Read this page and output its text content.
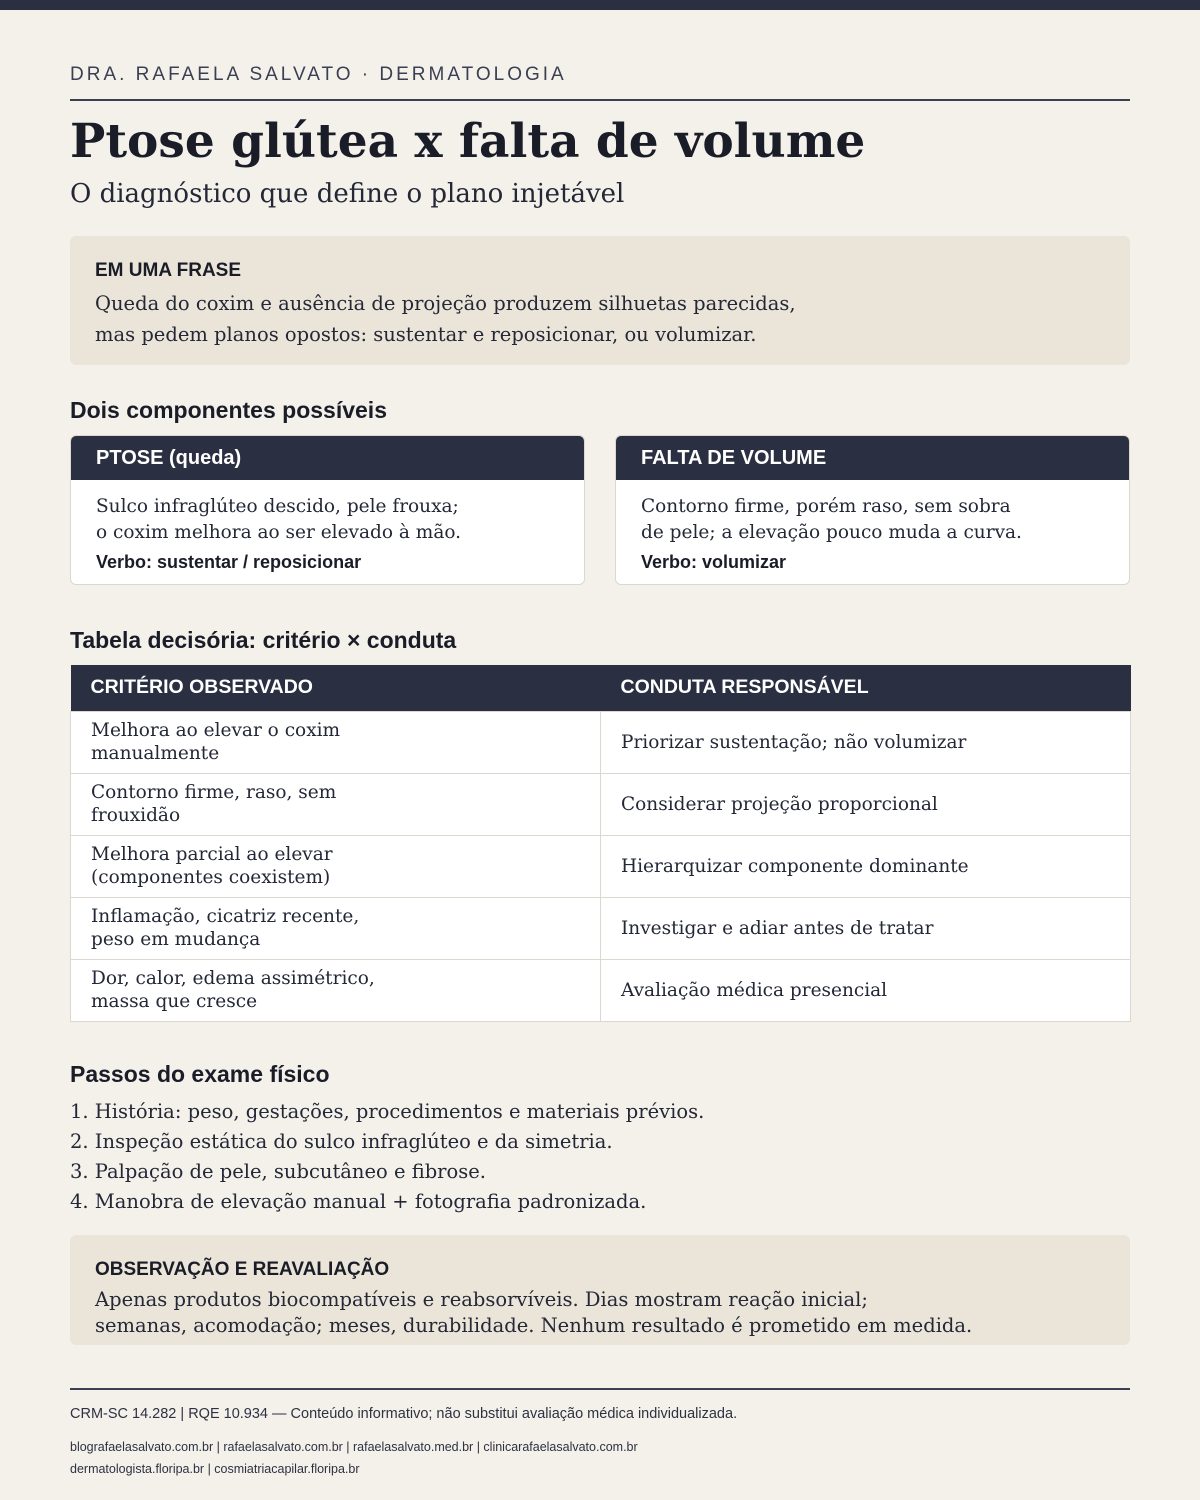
DRA. RAFAELA SALVATO · DERMATOLOGIA
Ptose glútea x falta de volume
O diagnóstico que define o plano injetável
EM UMA FRASE
Queda do coxim e ausência de projeção produzem silhuetas parecidas,
mas pedem planos opostos: sustentar e reposicionar, ou volumizar.
Dois componentes possíveis
PTOSE (queda)
Sulco infraglúteo descido, pele frouxa;
o coxim melhora ao ser elevado à mão.
Verbo: sustentar / reposicionar
FALTA DE VOLUME
Contorno firme, porém raso, sem sobra
de pele; a elevação pouco muda a curva.
Verbo: volumizar
Tabela decisória: critério × conduta
CRITÉRIO OBSERVADO	CONDUTA RESPONSÁVEL
Melhora ao elevar o coxim
manualmente	Priorizar sustentação; não volumizar
Contorno firme, raso, sem
frouxidão	Considerar projeção proporcional
Melhora parcial ao elevar
(componentes coexistem)	Hierarquizar componente dominante
Inflamação, cicatriz recente,
peso em mudança	Investigar e adiar antes de tratar
Dor, calor, edema assimétrico,
massa que cresce	Avaliação médica presencial
Passos do exame físico
1. História: peso, gestações, procedimentos e materiais prévios.
2. Inspeção estática do sulco infraglúteo e da simetria.
3. Palpação de pele, subcutâneo e fibrose.
4. Manobra de elevação manual + fotografia padronizada.
OBSERVAÇÃO E REAVALIAÇÃO
Apenas produtos biocompatíveis e reabsorvíveis. Dias mostram reação inicial;
semanas, acomodação; meses, durabilidade. Nenhum resultado é prometido em medida.
CRM-SC 14.282 | RQE 10.934 — Conteúdo informativo; não substitui avaliação médica individualizada.
blografaelasalvato.com.br | rafaelasalvato.com.br | rafaelasalvato.med.br | clinicarafaelasalvato.com.br
dermatologista.floripa.br | cosmiatriacapilar.floripa.br
